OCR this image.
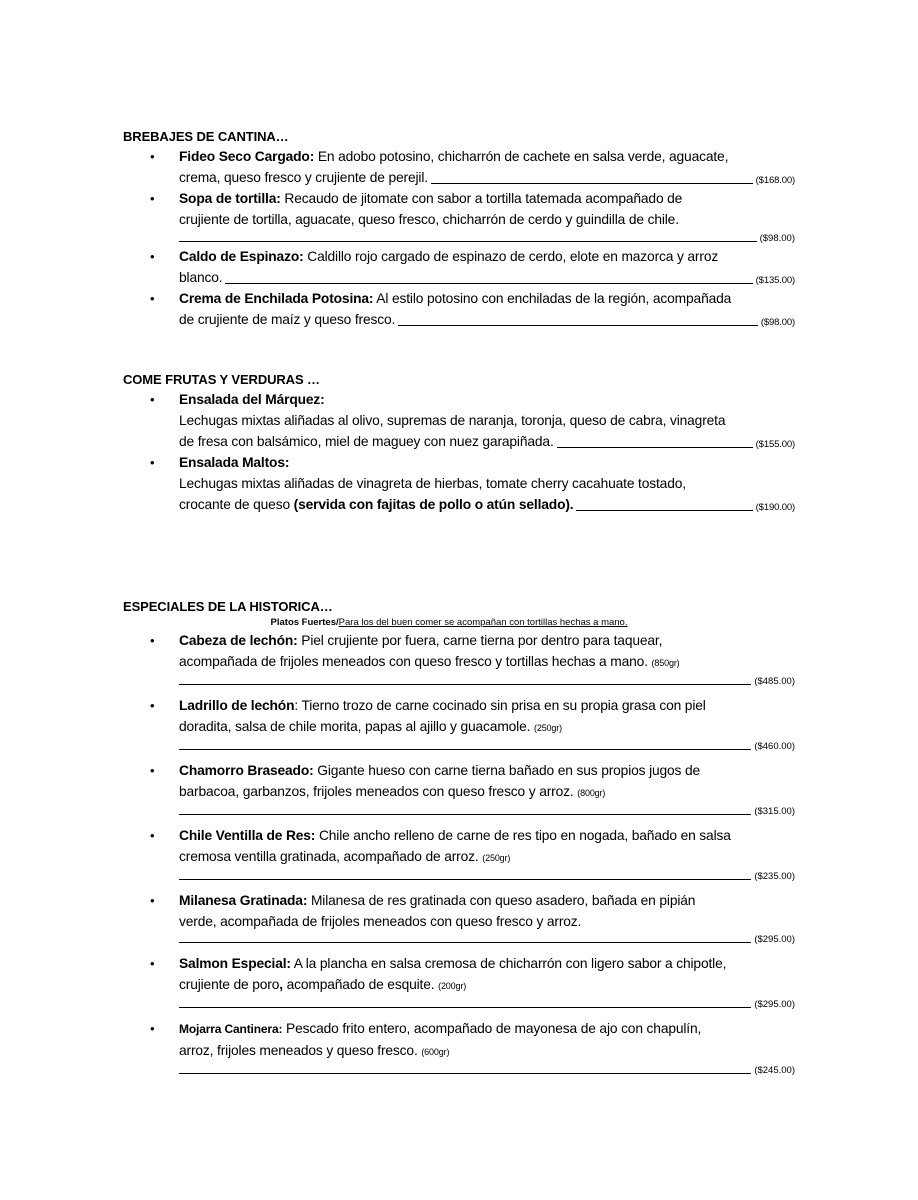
BREBAJES DE CANTINA…
• Fideo Seco Cargado: En adobo potosino, chicharrón de cachete en salsa verde, aguacate,
crema, queso fresco y crujiente de perejil.	($168.00)
• Sopa de tortilla: Recaudo de jitomate con sabor a tortilla tatemada acompañado de
crujiente de tortilla, aguacate, queso fresco, chicharrón de cerdo y guindilla de chile.
($98.00)
• Caldo de Espinazo: Caldillo rojo cargado de espinazo de cerdo, elote en mazorca y arroz
blanco.	($135.00)
• Crema de Enchilada Potosina: Al estilo potosino con enchiladas de la región, acompañada
de crujiente de maíz y queso fresco.	($98.00)
COME FRUTAS Y VERDURAS …
• Ensalada del Márquez:
Lechugas mixtas aliñadas al olivo, supremas de naranja, toronja, queso de cabra, vinagreta
de fresa con balsámico, miel de maguey con nuez garapiñada.	($155.00)
• Ensalada Maltos:
Lechugas mixtas aliñadas de vinagreta de hierbas, tomate cherry cacahuate tostado,
crocante de queso (servida con fajitas de pollo o atún sellado).	($190.00)
ESPECIALES DE LA HISTORICA…
Platos Fuertes/Para los del buen comer se acompañan con tortillas hechas a mano.
• Cabeza de lechón: Piel crujiente por fuera, carne tierna por dentro para taquear,
acompañada de frijoles meneados con queso fresco y tortillas hechas a mano. (850gr)
($485.00)
• Ladrillo de lechón: Tierno trozo de carne cocinado sin prisa en su propia grasa con piel
doradita, salsa de chile morita, papas al ajillo y guacamole. (250gr)
($460.00)
• Chamorro Braseado: Gigante hueso con carne tierna bañado en sus propios jugos de
barbacoa, garbanzos, frijoles meneados con queso fresco y arroz. (800gr)
($315.00)
• Chile Ventilla de Res: Chile ancho relleno de carne de res tipo en nogada, bañado en salsa
cremosa ventilla gratinada, acompañado de arroz. (250gr)
($235.00)
• Milanesa Gratinada: Milanesa de res gratinada con queso asadero, bañada en pipián
verde, acompañada de frijoles meneados con queso fresco y arroz.
($295.00)
• Salmon Especial: A la plancha en salsa cremosa de chicharrón con ligero sabor a chipotle,
crujiente de poro, acompañado de esquite. (200gr)
($295.00)
• Mojarra Cantinera: Pescado frito entero, acompañado de mayonesa de ajo con chapulín,
arroz, frijoles meneados y queso fresco. (600gr)
($245.00)
